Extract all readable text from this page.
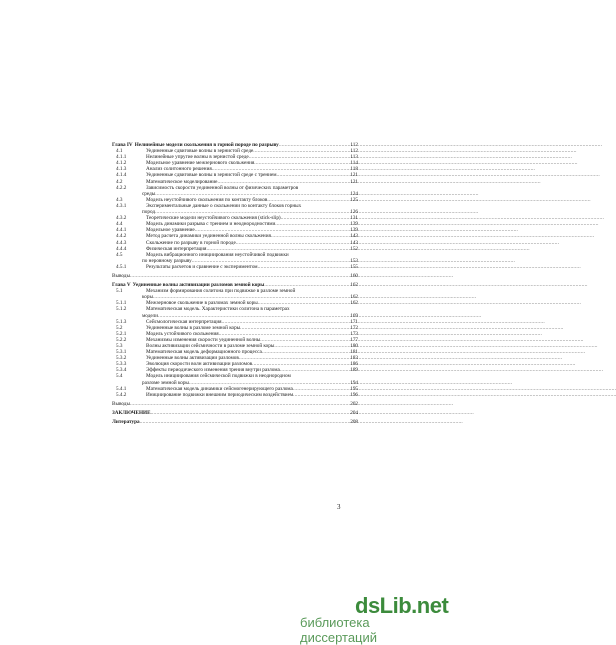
Глава IV Нелинейные модели скольжения в горной породе по разрыву .....	112
4.1	Уединенные сдвиговые волны в зернистой среде .....	112
4.1.1	Нелинейные упругие волны в зернистой среде .....	113
4.1.2	Модельное уравнение межзернового скольжения .....	114
4.1.3	Анализ солитонного решения .....	118
4.1.4	Уединенные сдвиговые волны в зернистой среде с трением .....	121
4.2	Математическое моделирование .....	121
4.2.2	Зависимость скорости уединенной волны от физических параметров
среды .....	124
4.3	Модель неустойчивого скольжения по контакту блоков .....	125
4.3.1	Экспериментальные данные о скольжении по контакту блоков горных
пород .....	126
4.3.2	Теоретические модели неустойчивого скольжения (stick-slip) .....	131
4.4	Модель динамики разрыва с трением и неоднородностями .....	139
4.4.1	Модельное уравнение .....	139
4.4.2	Метод расчета динамики уединенной волны скольжения .....	143
4.4.3	Скольжение по разрыву в горной породе .....	143
4.4.4	Физическая интерпретация .....	152
4.5	Модель вибрационного инициирования неустойчивой подвижки
по неровному разрыву .....	153
4.5.1	Результаты расчетов и сравнение с экспериментом .....	155
Выводы .....	160
Глава V Уединенные волны активизации разломов земной коры .....	162
5.1	Механизм формирования солитона при подвижке в разломе земной
коры .....	162
5.1.1	Межзерновое скольжение в разломах земной коры .....	162
5.1.2	Математическая модель. Характеристики солитона в параметрах
модели .....	169
5.1.3	Сейсмологическая интерпретация .....	171
5.2	Уединенные волны в разломе земной коры .....	172
5.2.1	Модель устойчивого скольжения .....	173
5.2.2	Механизмы изменения скорости уединенной волны .....	177
5.3	Волны активизации сейсмичности в разломе земной коры .....	180
5.3.1	Математическая модель деформационного процесса .....	181
5.3.2	Уединенные волны активизации разломов .....	183
5.3.3	Эволюция скорости волн активизации разломов .....	186
5.3.4	Эффекты периодического изменения трения внутри разлома .....	189
5.4	Модель инициирования сейсмической подвижки в неоднородном
разломе земной коры .....	194
5.4.1	Математическая модель динамики сейсмогенерирующего разлома .....	195
5.4.2	Инициирование подвижки внешним периодическим воздействием .....	196
Выводы .....	202
ЗАКЛЮЧЕНИЕ .....	204
Литература .....	208
3
dsLib.net
библиотека диссертаций
